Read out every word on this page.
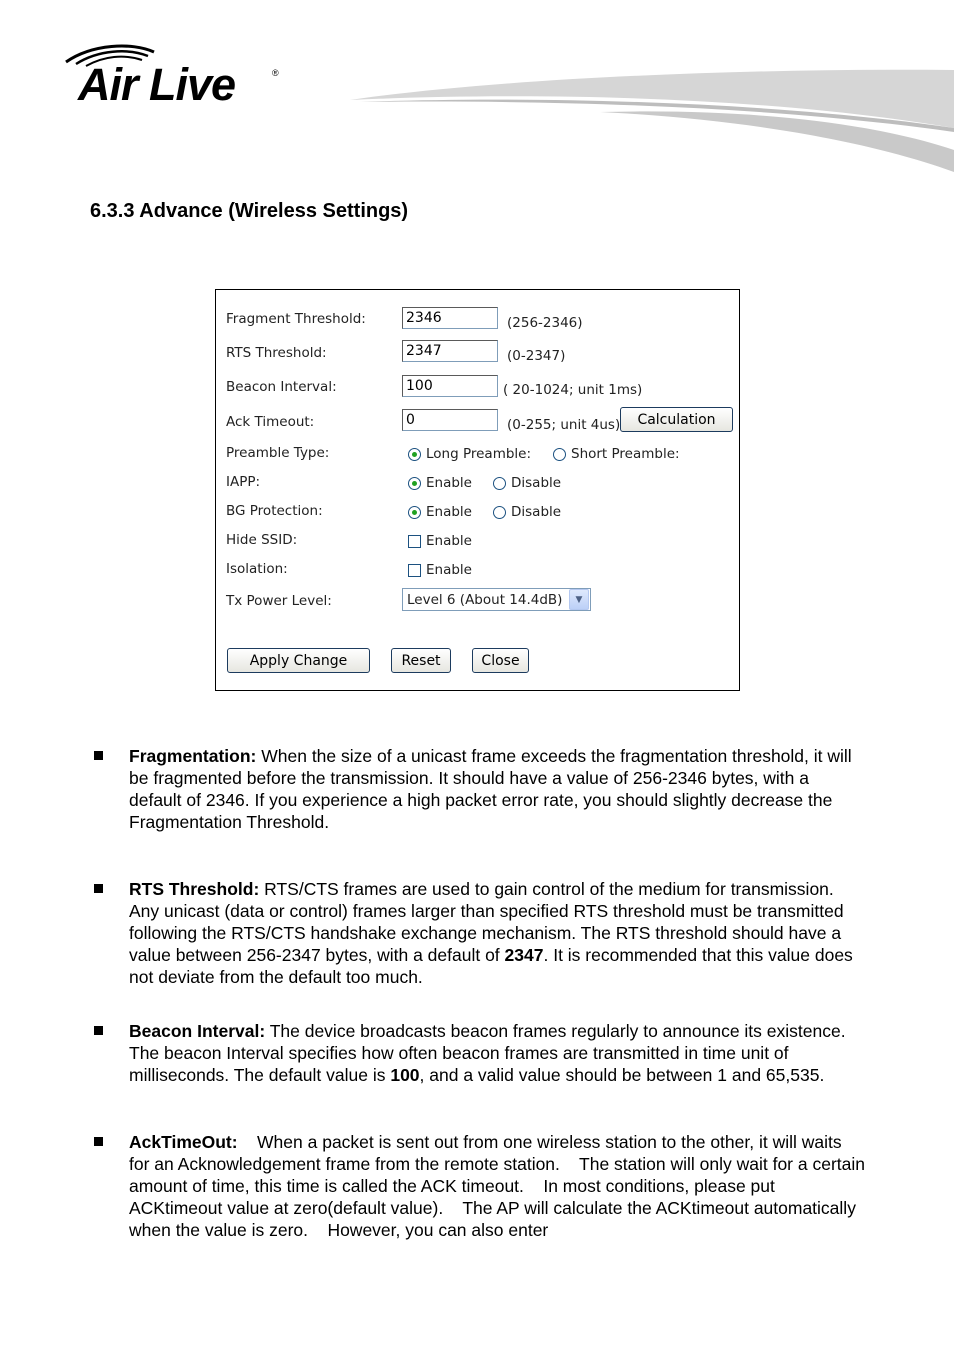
Air Live	®
6.3.3 Advance (Wireless Settings)
Fragment Threshold:
2346	(256-2346)
RTS Threshold:
2347	(0-2347)
Beacon Interval:
100	( 20-1024; unit 1ms)
Ack Timeout:
0	(0-255; unit 4us)	Calculation
Preamble Type:	Long Preamble:	Short Preamble:
IAPP:	Enable	Disable
BG Protection:	Enable	Disable
Hide SSID:	Enable
Isolation:	Enable
Tx Power Level:	Level 6 (About 14.4dB)	▼
Apply Change	Reset	Close

Fragmentation: When the size of a unicast frame exceeds the fragmentation threshold, it will be fragmented before the transmission. It should have a value of 256-2346 bytes, with a default of 2346. If you experience a high packet error rate, you should slightly decrease the Fragmentation Threshold.

RTS Threshold: RTS/CTS frames are used to gain control of the medium for transmission. Any unicast (data or control) frames larger than specified RTS threshold must be transmitted following the RTS/CTS handshake exchange mechanism. The RTS threshold should have a value between 256-2347 bytes, with a default of 2347. It is recommended that this value does not deviate from the default too much.

Beacon Interval: The device broadcasts beacon frames regularly to announce its existence. The beacon Interval specifies how often beacon frames are transmitted in time unit of milliseconds. The default value is 100, and a valid value should be between 1 and 65,535.

AckTimeOut:    When a packet is sent out from one wireless station to the other, it will waits for an Acknowledgement frame from the remote station.    The station will only wait for a certain amount of time, this time is called the ACK timeout.    In most conditions, please put ACKtimeout value at zero(default value).    The AP will calculate the ACKtimeout automatically when the value is zero.    However, you can also enter
